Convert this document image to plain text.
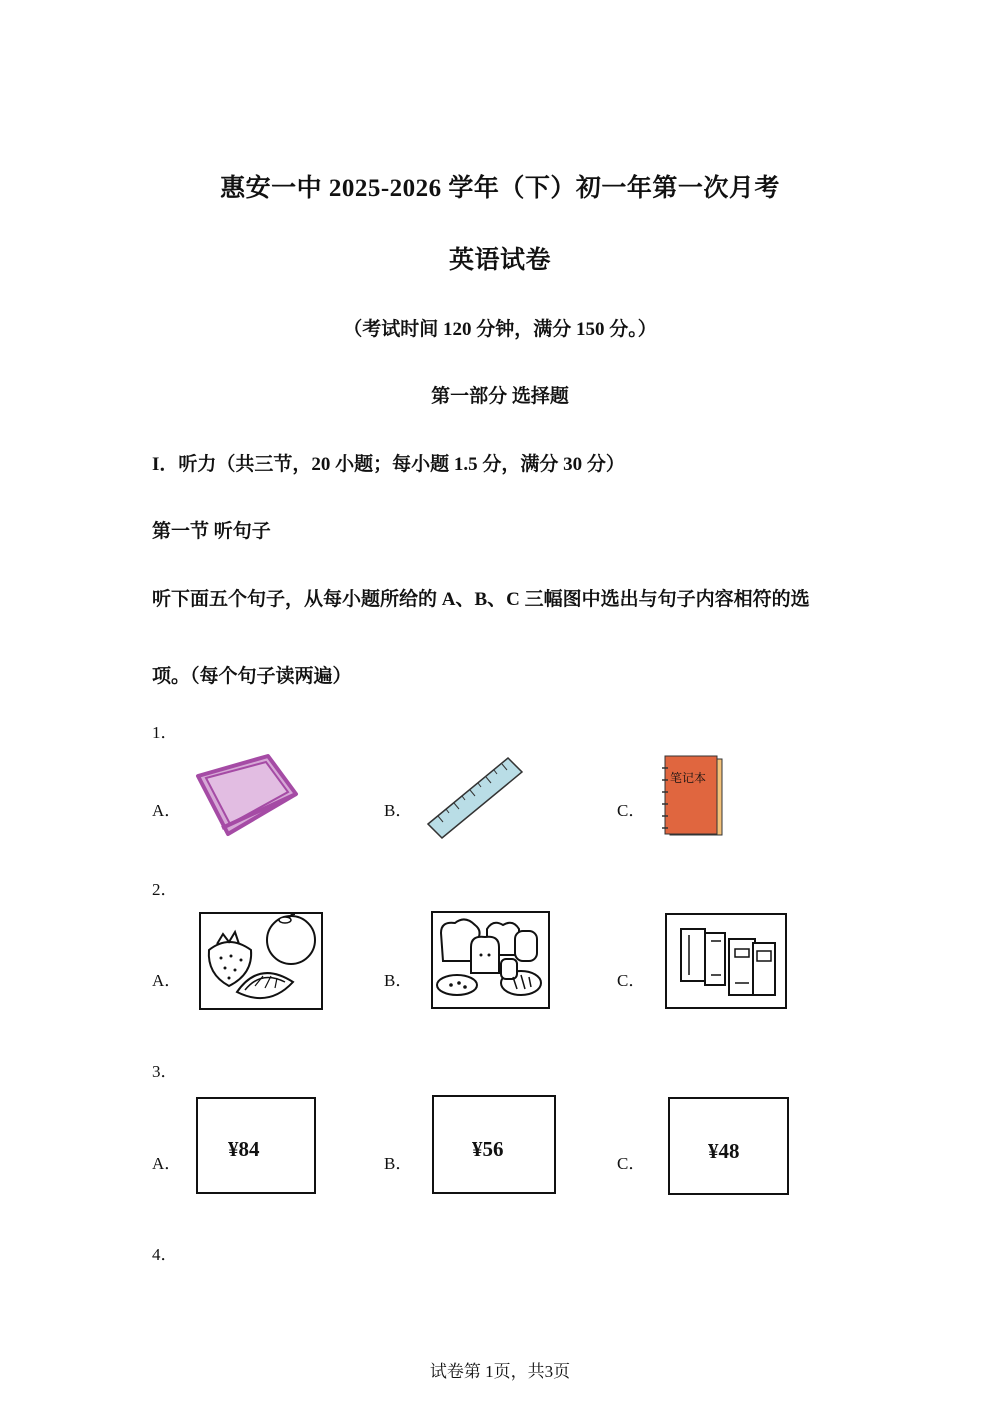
惠安一中 2025-2026 学年（下）初一年第一次月考
英语试卷
（考试时间 120 分钟，满分 150 分。）
第一部分 选择题
I．听力（共三节，20 小题；每小题 1.5 分，满分 30 分）
第一节 听句子
听下面五个句子，从每小题所给的 A、B、C 三幅图中选出与句子内容相符的选
项。（每个句子读两遍）
1．
A．	B．	C．
笔记本
2．
A．	B．	C．
3．
A．
¥84
B．
¥56
C．
¥48
4．
试卷第 1页，共3页
